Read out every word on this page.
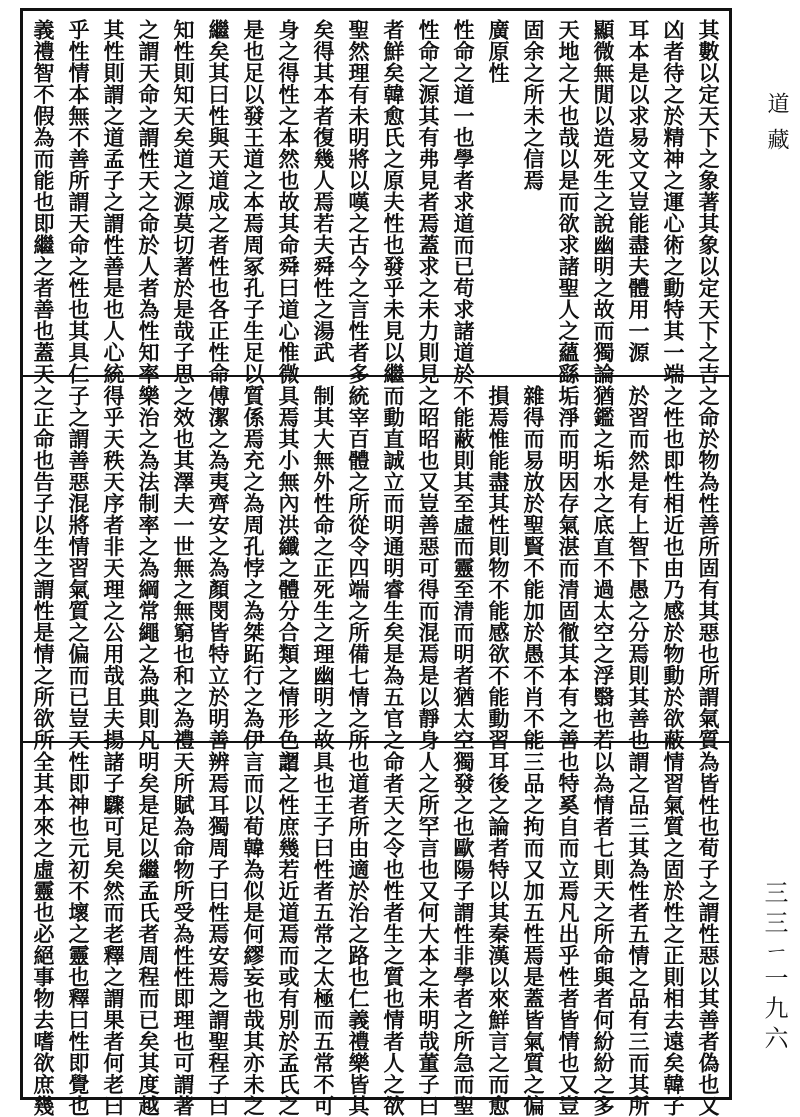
其數以定天下之象著其象以定天下之吉
凶者待之於精神之運心術之動特其一端
耳本是以求易文又豈能盡夫體用一源
顯微無閒以造死生之說幽明之故而獨論
天地之大也哉以是而欲求諸聖人之蘊繇
固余之所未之信焉
廣原性
性命之道一也學者求道而已苟求諸道於
性命之源其有弗見者焉蓋求之未力則見
者鮮矣韓愈氏之原夫性也發乎未見以繼
聖然理有未明將以嘆之古今之言性者多
矣得其本者復幾人焉若夫舜性之湯武
身之得性之本然也故其命舜曰道心惟微
是也足以發王道之本焉周冢孔子生足以
繼矣其曰性與天道成之者性也各正性命
知性則知天矣道之源莫切著於是哉子思
之謂天命之謂性天之命於人者為性知率
其性則謂之道孟子之謂性善是也人心統
乎性情本無不善所謂天命之性也其具仁
義禮智不假為而能也即繼之者善也蓋天
之命於物為性善所固有其惡也所謂氣質
之性也即性相近也由乃感於物動於欲蔽
於習而然是有上智下愚之分焉則其善也
猶鑑之垢水之底直不過太空之浮翳也若
垢淨而明因存氣湛而清固徹其本有之善
雜得而易放於聖賢不能加於愚不肖不能
損焉惟能盡其性則物不能感欲不能動習
不能蔽則其至虛而靈至清而明者猶太空
之昭昭也又豈善惡可得而混焉是以靜身
而動直誠立而明通明睿生矣是為五官之
統宰百體之所從令四端之所備七情之所
制其大無外性命之正死生之理幽明之故
具焉其小無內洪纖之體分合類之情形色之
質係焉充之為周孔悖之為桀跖行之為伊
傅潔之為夷齊安之為顏閔皆特立於明善
之效也其澤夫一世無之無窮也和之為禮
樂治之為法制率之為綱常繩之為典則凡
得乎天秩天序者非天理之公用哉且夫揚
子之謂善惡混將情習氣質之偏而已豈天
之正命也告子以生之謂性是情之所欲所
為皆性也荀子之謂性惡以其善者偽也又
情習氣質之固於性之正則相去遠矣韓子
謂之品三其為性者五情之品有三而其所
以為情者七則天之所命與者何紛紛之多
也特奚自而立焉凡出乎性者皆情也又豈
三品之拘而又加五性焉是蓋皆氣質之偏
耳後之論者特以其秦漢以來鮮言之而愈
獨發之也歐陽子謂性非學者之所急而聖
人之所罕言也又何大本之未明哉董子曰
命者天之令也性者生之質也情者人之欲
也道者所由適於治之路也仁義禮樂皆其
具也王子曰性者五常之太極而五常不可
謂之性庶幾若近道焉而或有別於孟氏之
言而以荀韓為似是何繆妄也哉其亦未之
辨焉耳獨周子曰性焉安焉之謂聖程子曰
天所賦為命物所受為性性即理也可謂著
明矣是足以繼孟氏者周程而已矣其度越
諸子驟可見矣然而老釋之謂果者何老曰
性即神也元初不壞之靈也釋曰性即覺也
全其本來之虛靈也必絕事物去嗜欲庶幾
道藏
三三ㄧ一九六
